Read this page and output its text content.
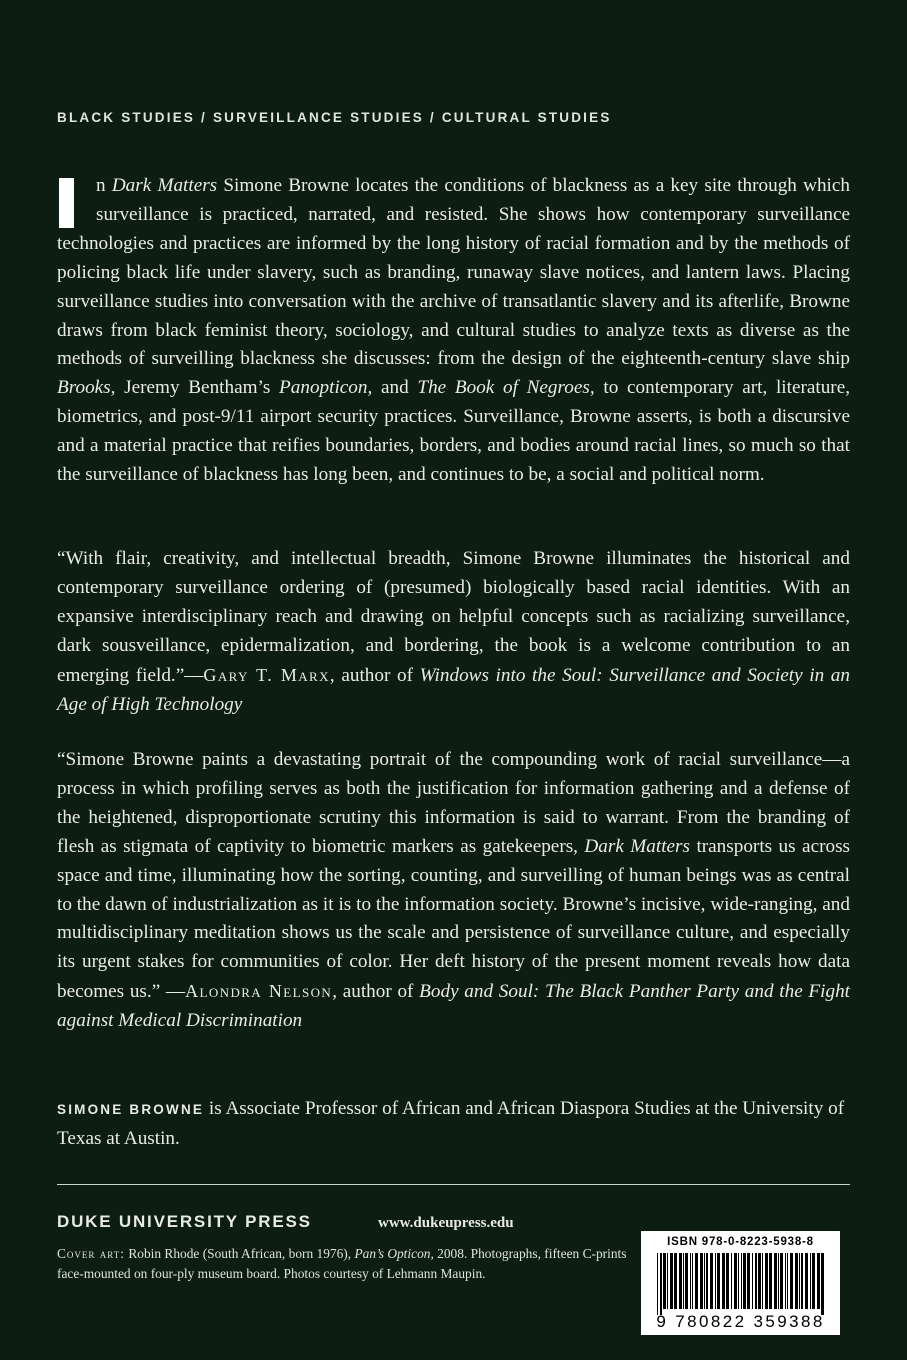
BLACK STUDIES / SURVEILLANCE STUDIES / CULTURAL STUDIES

n Dark Matters Simone Browne locates the conditions of blackness as a key site through which surveillance is practiced, narrated, and resisted. She shows how contemporary surveillance technologies and practices are informed by the long history of racial formation and by the methods of policing black life under slavery, such as branding, runaway slave notices, and lantern laws. Placing surveillance studies into conversation with the archive of transatlantic slavery and its afterlife, Browne draws from black feminist theory, sociology, and cultural studies to analyze texts as diverse as the methods of surveilling blackness she discusses: from the design of the eighteenth-century slave ship Brooks, Jeremy Bentham’s Panopticon, and The Book of Negroes, to contemporary art, literature, biometrics, and post-9/11 airport security practices. Surveillance, Browne asserts, is both a discursive and a material practice that reifies boundaries, borders, and bodies around racial lines, so much so that the surveillance of blackness has long been, and continues to be, a social and political norm.

“With flair, creativity, and intellectual breadth, Simone Browne illuminates the historical and contemporary surveillance ordering of (presumed) biologically based racial identities. With an expansive interdisciplinary reach and drawing on helpful concepts such as racializing surveillance, dark sousveillance, epidermalization, and bordering, the book is a welcome contribution to an emerging field.”—Gary T. Marx, author of Windows into the Soul: Surveillance and Society in an Age of High Technology

“Simone Browne paints a devastating portrait of the compounding work of racial surveillance—a process in which profiling serves as both the justification for information gathering and a defense of the heightened, disproportionate scrutiny this information is said to warrant. From the branding of flesh as stigmata of captivity to biometric markers as gatekeepers, Dark Matters transports us across space and time, illuminating how the sorting, counting, and surveilling of human beings was as central to the dawn of industrialization as it is to the information society. Browne’s incisive, wide-ranging, and multidisciplinary meditation shows us the scale and persistence of surveillance culture, and especially its urgent stakes for communities of color. Her deft history of the present moment reveals how data becomes us.” —Alondra Nelson, author of Body and Soul: The Black Panther Party and the Fight against Medical Discrimination

SIMONE BROWNE is Associate Professor of African and African Diaspora Studies at the University of Texas at Austin.

DUKE UNIVERSITY PRESS	www.dukeupress.edu

Cover art: Robin Rhode (South African, born 1976), Pan’s Opticon, 2008. Photographs, fifteen C-prints face-mounted on four-ply museum board. Photos courtesy of Lehmann Maupin.

ISBN 978-0-8223-5938-8
9 780822 359388
